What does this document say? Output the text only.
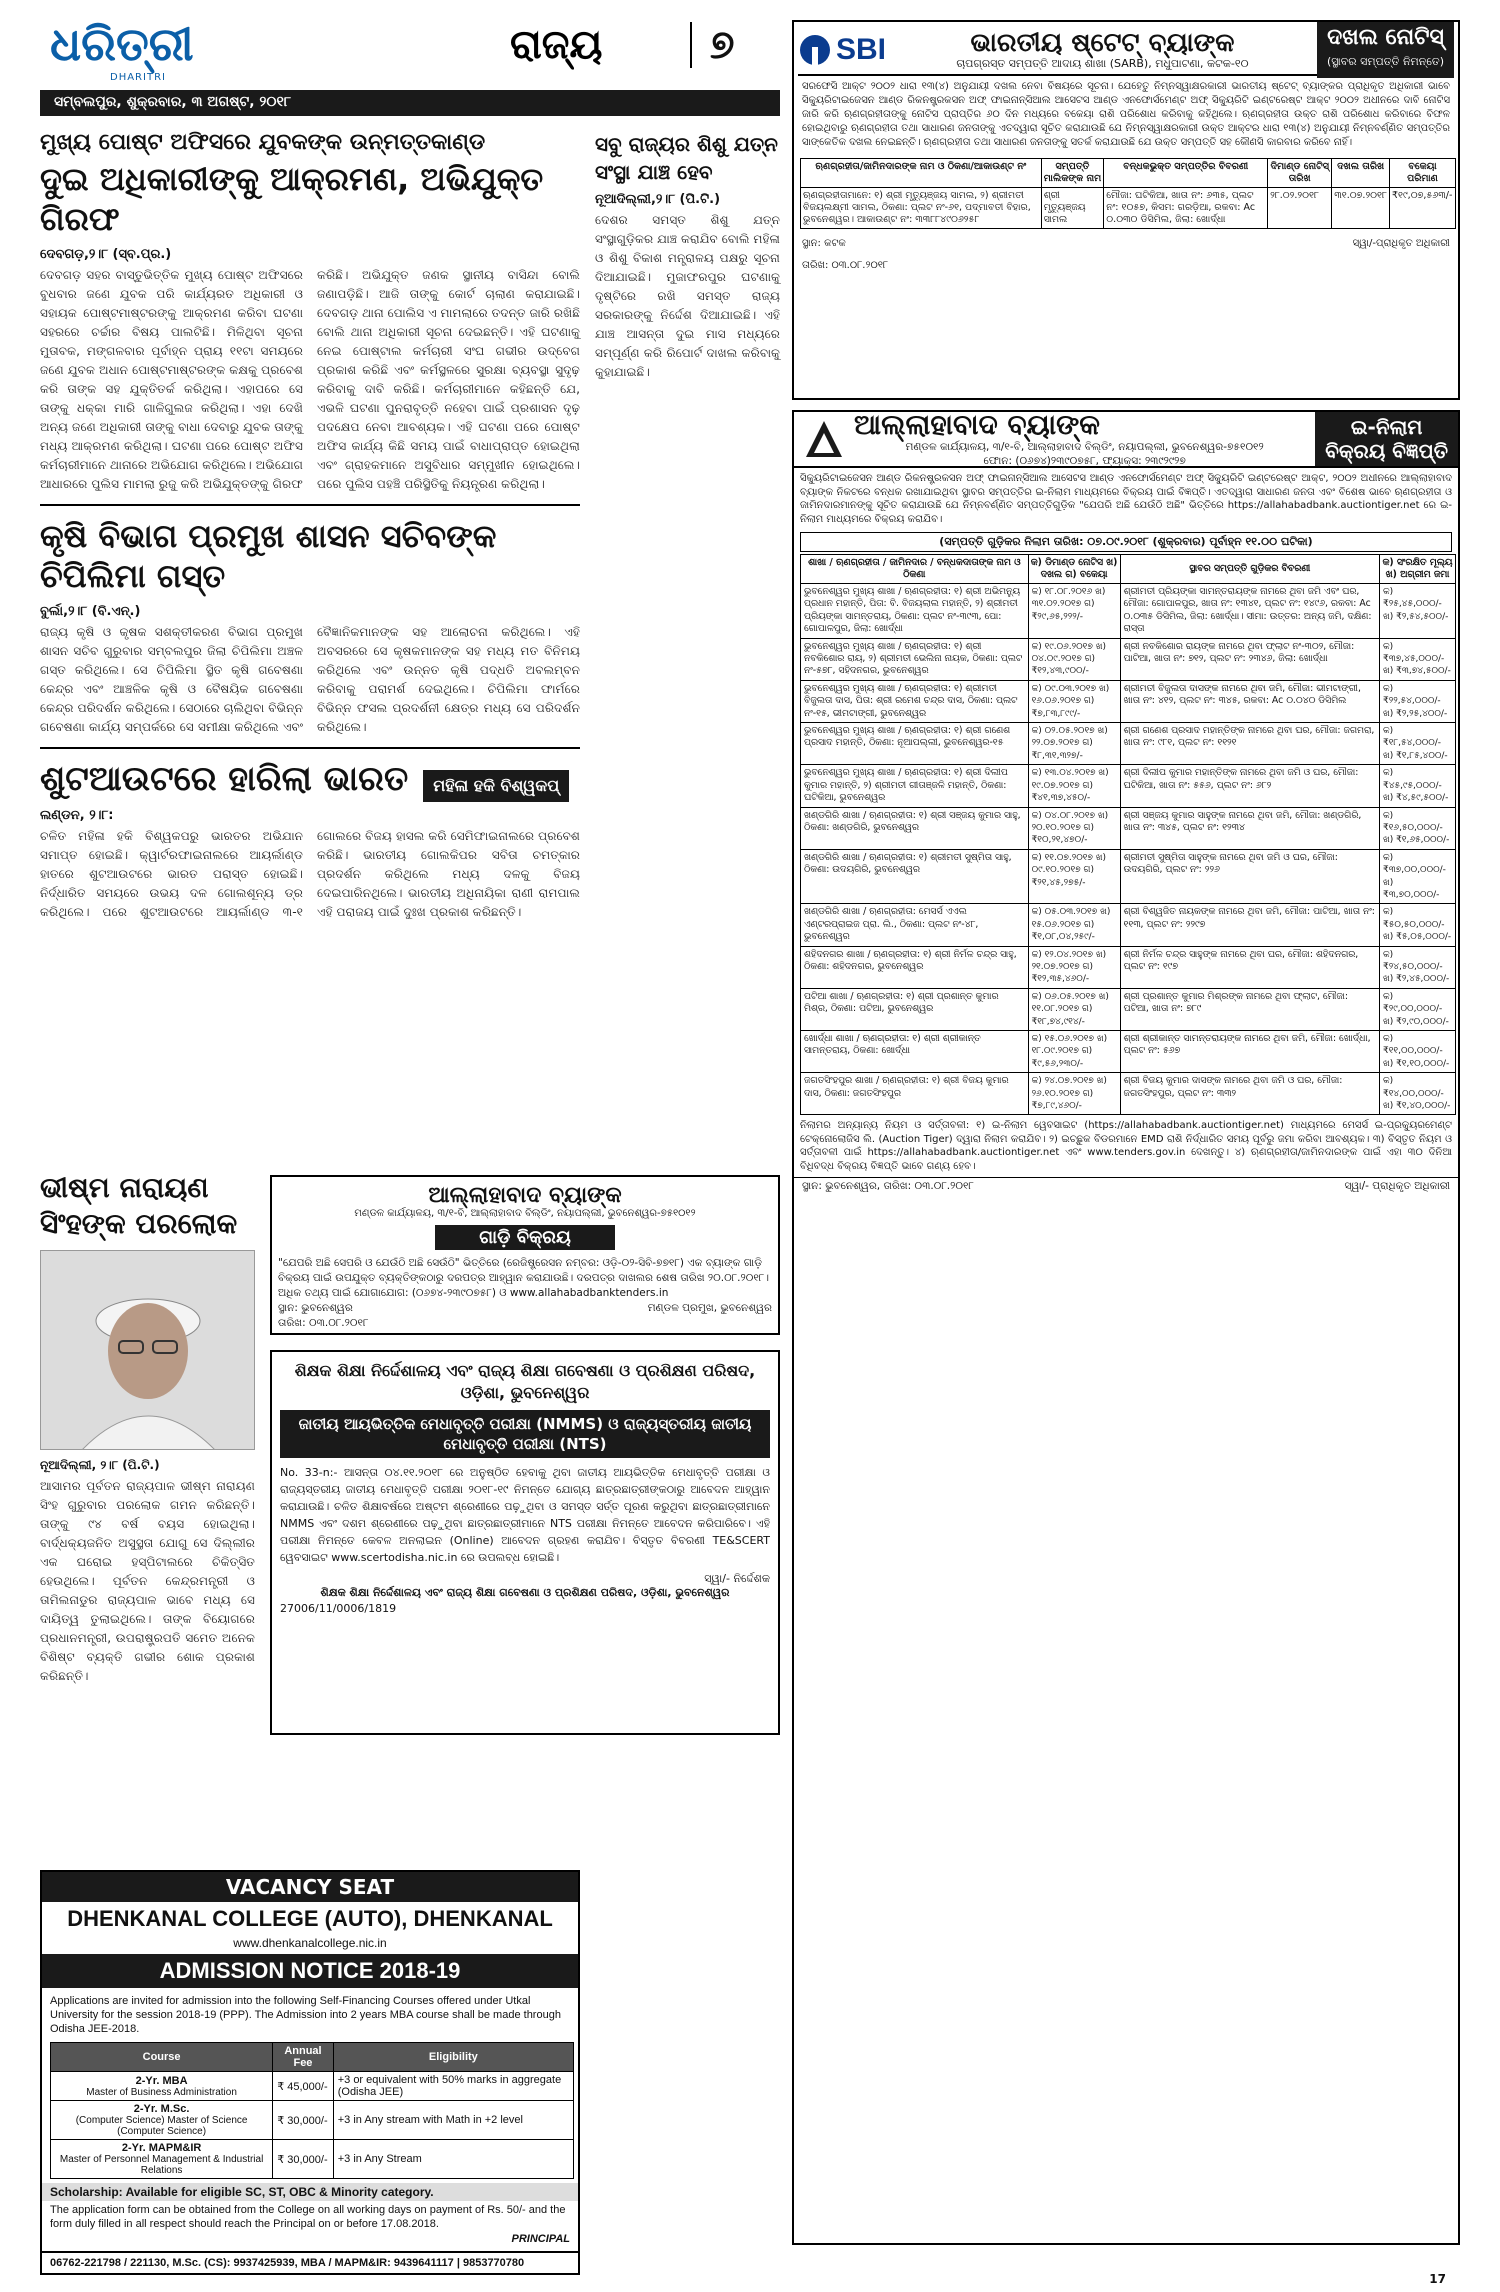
ଧରିତ୍ରୀ
DHARITRI
ରାଜ୍ୟ	୭
ସମ୍ବଲପୁର, ଶୁକ୍ରବାର, ୩ ଅଗଷ୍ଟ, ୨୦୧୮
ମୁଖ୍ୟ ପୋଷ୍ଟ ଅଫିସରେ ଯୁବକଙ୍କ ଉନ୍ମତ୍ତକାଣ୍ଡ
ଦୁଇ ଅଧିକାରୀଙ୍କୁ ଆକ୍ରମଣ, ଅଭିଯୁକ୍ତ ଗିରଫ
ଦେବଗଡ଼,୨।୮ (ସ୍ବ.ପ୍ର.)
ଦେବଗଡ଼ ସହର ବାସ୍ତୁଭିତ୍ତିକ ମୁଖ୍ୟ ପୋଷ୍ଟ ଅଫିସରେ ବୁଧବାର ଜଣେ ଯୁବକ ପରି କାର୍ଯ୍ୟରତ ଅଧିକାରୀ ଓ ସହାୟକ ପୋଷ୍ଟମାଷ୍ଟରଙ୍କୁ ଆକ୍ରମଣ କରିବା ଘଟଣା ସହରରେ ଚର୍ଚ୍ଚାର ବିଷୟ ପାଲଟିଛି। ମିଳିଥିବା ସୂଚନା ମୁତାବକ, ମଙ୍ଗଳବାର ପୂର୍ବାହ୍ନ ପ୍ରାୟ ୧୧ଟା ସମୟରେ ଜଣେ ଯୁବକ ଅଧାନ ପୋଷ୍ଟମାଷ୍ଟରଙ୍କ କକ୍ଷକୁ ପ୍ରବେଶ କରି ତାଙ୍କ ସହ ଯୁକ୍ତିତର୍କ କରିଥିଲା। ଏହାପରେ ସେ ତାଙ୍କୁ ଧକ୍କା ମାରି ଗାଳିଗୁଲଜ କରିଥିଲା। ଏହା ଦେଖି ଅନ୍ୟ ଜଣେ ଅଧିକାରୀ ତାଙ୍କୁ ବାଧା ଦେବାରୁ ଯୁବକ ତାଙ୍କୁ ମଧ୍ୟ ଆକ୍ରମଣ କରିଥିଲା। ଘଟଣା ପରେ ପୋଷ୍ଟ ଅଫିସ କର୍ମଚାରୀମାନେ ଥାନାରେ ଅଭିଯୋଗ କରିଥିଲେ। ଅଭିଯୋଗ ଆଧାରରେ ପୁଲିସ ମାମଲା ରୁଜୁ କରି ଅଭିଯୁକ୍ତଙ୍କୁ ଗିରଫ କରିଛି। ଅଭିଯୁକ୍ତ ଜଣକ ସ୍ଥାନୀୟ ବାସିନ୍ଦା ବୋଲି ଜଣାପଡ଼ିଛି। ଆଜି ତାଙ୍କୁ କୋର୍ଟ ଚାଲାଣ କରାଯାଇଛି। ଦେବଗଡ଼ ଥାନା ପୋଲିସ ଏ ମାମଲାରେ ତଦନ୍ତ ଜାରି ରଖିଛି ବୋଲି ଥାନା ଅଧିକାରୀ ସୂଚନା ଦେଇଛନ୍ତି। ଏହି ଘଟଣାକୁ ନେଇ ପୋଷ୍ଟାଲ କର୍ମଚାରୀ ସଂଘ ଗଭୀର ଉଦ୍‌ବେଗ ପ୍ରକାଶ କରିଛି ଏବଂ କର୍ମସ୍ଥଳରେ ସୁରକ୍ଷା ବ୍ୟବସ୍ଥା ସୁଦୃଢ଼ କରିବାକୁ ଦାବି କରିଛି। କର୍ମଚାରୀମାନେ କହିଛନ୍ତି ଯେ, ଏଭଳି ଘଟଣା ପୁନରାବୃତ୍ତି ନହେବା ପାଇଁ ପ୍ରଶାସନ ଦୃଢ଼ ପଦକ୍ଷେପ ନେବା ଆବଶ୍ୟକ। ଏହି ଘଟଣା ପରେ ପୋଷ୍ଟ ଅଫିସ କାର୍ଯ୍ୟ କିଛି ସମୟ ପାଇଁ ବାଧାପ୍ରାପ୍ତ ହୋଇଥିଲା ଏବଂ ଗ୍ରାହକମାନେ ଅସୁବିଧାର ସମ୍ମୁଖୀନ ହୋଇଥିଲେ। ପରେ ପୁଲିସ ପହଞ୍ଚି ପରିସ୍ଥିତିକୁ ନିୟନ୍ତ୍ରଣ କରିଥିଲା।
କୃଷି ବିଭାଗ ପ୍ରମୁଖ ଶାସନ ସଚିବଙ୍କ ଚିପିଲିମା ଗସ୍ତ
ବୁର୍ଲା,୨।୮ (ବି.ଏନ୍.)
ରାଜ୍ୟ କୃଷି ଓ କୃଷକ ସଶକ୍ତୀକରଣ ବିଭାଗ ପ୍ରମୁଖ ଶାସନ ସଚିବ ଗୁରୁବାର ସମ୍ବଲପୁର ଜିଲା ଚିପିଲିମା ଅଞ୍ଚଳ ଗସ୍ତ କରିଥିଲେ। ସେ ଚିପିଲିମା ସ୍ଥିତ କୃଷି ଗବେଷଣା କେନ୍ଦ୍ର ଏବଂ ଆଞ୍ଚଳିକ କୃଷି ଓ ବୈଷୟିକ ଗବେଷଣା କେନ୍ଦ୍ର ପରିଦର୍ଶନ କରିଥିଲେ। ସେଠାରେ ଚାଲିଥିବା ବିଭିନ୍ନ ଗବେଷଣା କାର୍ଯ୍ୟ ସମ୍ପର୍କରେ ସେ ସମୀକ୍ଷା କରିଥିଲେ ଏବଂ ବୈଜ୍ଞାନିକମାନଙ୍କ ସହ ଆଲୋଚନା କରିଥିଲେ। ଏହି ଅବସରରେ ସେ କୃଷକମାନଙ୍କ ସହ ମଧ୍ୟ ମତ ବିନିମୟ କରିଥିଲେ ଏବଂ ଉନ୍ନତ କୃଷି ପଦ୍ଧତି ଅବଲମ୍ବନ କରିବାକୁ ପରାମର୍ଶ ଦେଇଥିଲେ। ଚିପିଲିମା ଫାର୍ମରେ ବିଭିନ୍ନ ଫସଲ ପ୍ରଦର୍ଶନୀ କ୍ଷେତ୍ର ମଧ୍ୟ ସେ ପରିଦର୍ଶନ କରିଥିଲେ।
ଶୁଟଆଉଟରେ ହାରିଲା ଭାରତ ମହିଳା ହକି ବିଶ୍ୱକପ୍
ଲଣ୍ଡନ, ୨।୮:
ଚଳିତ ମହିଳା ହକି ବିଶ୍ୱକପରୁ ଭାରତର ଅଭିଯାନ ସମାପ୍ତ ହୋଇଛି। କ୍ୱାର୍ଟରଫାଇନାଲରେ ଆୟର୍ଲାଣ୍ଡ ହାତରେ ଶୁଟଆଉଟରେ ଭାରତ ପରାସ୍ତ ହୋଇଛି। ନିର୍ଦ୍ଧାରିତ ସମୟରେ ଉଭୟ ଦଳ ଗୋଲଶୂନ୍ୟ ଡ୍ର କରିଥିଲେ। ପରେ ଶୁଟଆଉଟରେ ଆୟର୍ଲାଣ୍ଡ ୩-୧ ଗୋଲରେ ବିଜୟ ହାସଲ କରି ସେମିଫାଇନାଲରେ ପ୍ରବେଶ କରିଛି। ଭାରତୀୟ ଗୋଲକିପର ସବିତା ଚମତ୍କାର ପ୍ରଦର୍ଶନ କରିଥିଲେ ମଧ୍ୟ ଦଳକୁ ବିଜୟ ଦେଇପାରିନଥିଲେ। ଭାରତୀୟ ଅଧିନାୟିକା ରାଣୀ ରାମପାଲ ଏହି ପରାଜୟ ପାଇଁ ଦୁଃଖ ପ୍ରକାଶ କରିଛନ୍ତି।
ସବୁ ରାଜ୍ୟର ଶିଶୁ ଯତ୍ନ ସଂସ୍ଥା ଯାଞ୍ଚ ହେବ
ନୂଆଦିଲ୍ଲୀ,୨।୮ (ପି.ଟି.)
ଦେଶର ସମସ୍ତ ଶିଶୁ ଯତ୍ନ ସଂସ୍ଥାଗୁଡ଼ିକର ଯାଞ୍ଚ କରାଯିବ ବୋଲି ମହିଳା ଓ ଶିଶୁ ବିକାଶ ମନ୍ତ୍ରାଳୟ ପକ୍ଷରୁ ସୂଚନା ଦିଆଯାଇଛି। ମୁଜାଫରପୁର ଘଟଣାକୁ ଦୃଷ୍ଟିରେ ରଖି ସମସ୍ତ ରାଜ୍ୟ ସରକାରଙ୍କୁ ନିର୍ଦ୍ଦେଶ ଦିଆଯାଇଛି। ଏହି ଯାଞ୍ଚ ଆସନ୍ତା ଦୁଇ ମାସ ମଧ୍ୟରେ ସମ୍ପୂର୍ଣ୍ଣ କରି ରିପୋର୍ଟ ଦାଖଲ କରିବାକୁ କୁହାଯାଇଛି।
ଭୀଷ୍ମ ନାରାୟଣ ସିଂହଙ୍କ ପରଲୋକ
ନୂଆଦିଲ୍ଲୀ, ୨।୮ (ପି.ଟି.)
ଆସାମର ପୂର୍ବତନ ରାଜ୍ୟପାଳ ଭୀଷ୍ମ ନାରାୟଣ ସିଂହ ଗୁରୁବାର ପରଲୋକ ଗମନ କରିଛନ୍ତି। ତାଙ୍କୁ ୯୪ ବର୍ଷ ବୟସ ହୋଇଥିଲା। ବାର୍ଦ୍ଧକ୍ୟଜନିତ ଅସୁସ୍ଥତା ଯୋଗୁ ସେ ଦିଲ୍ଲୀର ଏକ ଘରୋଇ ହସ୍ପିଟାଲରେ ଚିକିତ୍ସିତ ହେଉଥିଲେ। ପୂର୍ବତନ କେନ୍ଦ୍ରମନ୍ତ୍ରୀ ଓ ତାମିଲନାଡୁର ରାଜ୍ୟପାଳ ଭାବେ ମଧ୍ୟ ସେ ଦାୟିତ୍ୱ ତୁଲାଇଥିଲେ। ତାଙ୍କ ବିୟୋଗରେ ପ୍ରଧାନମନ୍ତ୍ରୀ, ଉପରାଷ୍ଟ୍ରପତି ସମେତ ଅନେକ ବିଶିଷ୍ଟ ବ୍ୟକ୍ତି ଗଭୀର ଶୋକ ପ୍ରକାଶ କରିଛନ୍ତି।
ଆଲ୍ଲାହାବାଦ ବ୍ୟାଙ୍କ
ମଣ୍ଡଳ କାର୍ଯ୍ୟାଳୟ, ୩/୧-ବି, ଆଲ୍ଲାହାବାଦ ବିଲ୍ଡିଂ, ନୟାପଲ୍ଲୀ, ଭୁବନେଶ୍ୱର-୭୫୧୦୧୨
ଗାଡ଼ି ବିକ୍ରୟ
"ଯେପରି ଅଛି ସେପରି ଓ ଯେଉଁଠି ଅଛି ସେଉଁଠି" ଭିତ୍ତିରେ (ରେଜିଷ୍ଟ୍ରେସନ ନମ୍ବର: ଓଡ଼ି-୦୨-ସିବି-୭୭୧୮) ଏକ ବ୍ୟାଙ୍କ ଗାଡ଼ି ବିକ୍ରୟ ପାଇଁ ଉପଯୁକ୍ତ ବ୍ୟକ୍ତିଙ୍କଠାରୁ ଦରପତ୍ର ଆହ୍ୱାନ କରାଯାଉଛି। ଦରପତ୍ର ଦାଖଲର ଶେଷ ତାରିଖ ୨୦.୦୮.୨୦୧୮। ଅଧିକ ତଥ୍ୟ ପାଇଁ ଯୋଗାଯୋଗ: (୦୬୭୪-୨୩୯୦୭୫୮) ଓ www.allahabadbanktenders.in
ସ୍ଥାନ: ଭୁବନେଶ୍ୱର	ମଣ୍ଡଳ ପ୍ରମୁଖ, ଭୁବନେଶ୍ୱର
ତାରିଖ: ୦୩.୦୮.୨୦୧୮
ଶିକ୍ଷକ ଶିକ୍ଷା ନିର୍ଦ୍ଦେଶାଳୟ ଏବଂ ରାଜ୍ୟ ଶିକ୍ଷା ଗବେଷଣା ଓ ପ୍ରଶିକ୍ଷଣ ପରିଷଦ, ଓଡ଼ିଶା, ଭୁବନେଶ୍ୱର
ଜାତୀୟ ଆୟଭିତ୍ତିକ ମେଧାବୃତ୍ତି ପରୀକ୍ଷା (NMMS) ଓ ରାଜ୍ୟସ୍ତରୀୟ ଜାତୀୟ ମେଧାବୃତ୍ତି ପରୀକ୍ଷା (NTS)
No. 33-n:- ଆସନ୍ତା ୦୪.୧୧.୨୦୧୮ ରେ ଅନୁଷ୍ଠିତ ହେବାକୁ ଥିବା ଜାତୀୟ ଆୟଭିତ୍ତିକ ମେଧାବୃତ୍ତି ପରୀକ୍ଷା ଓ ରାଜ୍ୟସ୍ତରୀୟ ଜାତୀୟ ମେଧାବୃତ୍ତି ପରୀକ୍ଷା ୨୦୧୮-୧୯ ନିମନ୍ତେ ଯୋଗ୍ୟ ଛାତ୍ରଛାତ୍ରୀଙ୍କଠାରୁ ଆବେଦନ ଆହ୍ୱାନ କରାଯାଉଛି। ଚଳିତ ଶିକ୍ଷାବର୍ଷରେ ଅଷ୍ଟମ ଶ୍ରେଣୀରେ ପଢ଼ୁଥିବା ଓ ସମସ୍ତ ସର୍ତ୍ତ ପୂରଣ କରୁଥିବା ଛାତ୍ରଛାତ୍ରୀମାନେ NMMS ଏବଂ ଦଶମ ଶ୍ରେଣୀରେ ପଢ଼ୁଥିବା ଛାତ୍ରଛାତ୍ରୀମାନେ NTS ପରୀକ୍ଷା ନିମନ୍ତେ ଆବେଦନ କରିପାରିବେ। ଏହି ପରୀକ୍ଷା ନିମନ୍ତେ କେବଳ ଅନଲାଇନ (Online) ଆବେଦନ ଗ୍ରହଣ କରାଯିବ। ବିସ୍ତୃତ ବିବରଣୀ TE&SCERT ୱେବସାଇଟ www.scertodisha.nic.in ରେ ଉପଲବ୍ଧ ହୋଇଛି।
ସ୍ୱା/- ନିର୍ଦ୍ଦେଶକ
ଶିକ୍ଷକ ଶିକ୍ଷା ନିର୍ଦ୍ଦେଶାଳୟ ଏବଂ ରାଜ୍ୟ ଶିକ୍ଷା ଗବେଷଣା ଓ ପ୍ରଶିକ୍ଷଣ ପରିଷଦ, ଓଡ଼ିଶା, ଭୁବନେଶ୍ୱର
27006/11/0006/1819
VACANCY SEAT
DHENKANAL COLLEGE (AUTO), DHENKANAL
www.dhenkanalcollege.nic.in
ADMISSION NOTICE 2018-19
Applications are invited for admission into the following Self-Financing Courses offered under Utkal University for the session 2018-19 (PPP). The Admission into 2 years MBA course shall be made through Odisha JEE-2018.
Course	Annual Fee	Eligibility

2-Yr. MBA
Master of Business Administration	₹ 45,000/-	+3 or equivalent with 50% marks in aggregate (Odisha JEE)

2-Yr. M.Sc.
(Computer Science) Master of Science (Computer Science)	₹ 30,000/-	+3 in Any stream with Math in +2 level

2-Yr. MAPM&IR
Master of Personnel Management & Industrial Relations	₹ 30,000/-	+3 in Any Stream
Scholarship: Available for eligible SC, ST, OBC & Minority category.
The application form can be obtained from the College on all working days on payment of Rs. 50/- and the form duly filled in all respect should reach the Principal on or before 17.08.2018.
PRINCIPAL
06762-221798 / 221130, M.Sc. (CS): 9937425939, MBA / MAPM&IR: 9439641117 | 9853770780
SBI	ଭାରତୀୟ ଷ୍ଟେଟ୍ ବ୍ୟାଙ୍କ
ଚାପଗ୍ରସ୍ତ ସମ୍ପତ୍ତି ଆଦାୟ ଶାଖା (SARB), ମଧୁପାଟଣା, କଟକ-୧୦
ଦଖଲ ନୋଟିସ୍
(ସ୍ଥାବର ସମ୍ପତ୍ତି ନିମନ୍ତେ)
ସରଫେସି ଆକ୍ଟ ୨୦୦୨ ଧାରା ୧୩(୪) ଅନୁଯାୟୀ ଦଖଲ ନେବା ବିଷୟରେ ସୂଚନା। ଯେହେତୁ ନିମ୍ନସ୍ୱାକ୍ଷରକାରୀ ଭାରତୀୟ ଷ୍ଟେଟ୍ ବ୍ୟାଙ୍କର ପ୍ରାଧିକୃତ ଅଧିକାରୀ ଭାବେ ସିକ୍ୟୁରିଟାଇଜେସନ ଆଣ୍ଡ ରିକନଷ୍ଟ୍ରକସନ ଅଫ୍ ଫାଇନାନ୍ସିଆଲ ଆସେଟସ ଆଣ୍ଡ ଏନଫୋର୍ସମେଣ୍ଟ ଅଫ୍ ସିକ୍ୟୁରିଟି ଇଣ୍ଟରେଷ୍ଟ ଆକ୍ଟ ୨୦୦୨ ଅଧୀନରେ ଦାବି ନୋଟିସ ଜାରି କରି ଋଣଗ୍ରହୀତାଙ୍କୁ ନୋଟିସ ପ୍ରାପ୍ତିର ୬୦ ଦିନ ମଧ୍ୟରେ ବକେୟା ରାଶି ପରିଶୋଧ କରିବାକୁ କହିଥିଲେ। ଋଣଗ୍ରହୀତା ଉକ୍ତ ରାଶି ପରିଶୋଧ କରିବାରେ ବିଫଳ ହୋଇଥିବାରୁ ଋଣଗ୍ରହୀତା ତଥା ସାଧାରଣ ଜନତାଙ୍କୁ ଏତଦ୍ୱାରା ସୂଚିତ କରାଯାଉଛି ଯେ ନିମ୍ନସ୍ୱାକ୍ଷରକାରୀ ଉକ୍ତ ଆକ୍ଟର ଧାରା ୧୩(୪) ଅନୁଯାୟୀ ନିମ୍ନବର୍ଣ୍ଣିତ ସମ୍ପତ୍ତିର ସାଙ୍କେତିକ ଦଖଲ ନେଇଛନ୍ତି। ଋଣଗ୍ରହୀତା ତଥା ସାଧାରଣ ଜନତାଙ୍କୁ ସତର୍କ କରାଯାଉଛି ଯେ ଉକ୍ତ ସମ୍ପତ୍ତି ସହ କୌଣସି କାରବାର କରିବେ ନାହିଁ।
ଋଣଗ୍ରହୀତା/ଜାମିନଦାରଙ୍କ ନାମ ଓ ଠିକଣା/ଆକାଉଣ୍ଟ ନଂ	ସମ୍ପତ୍ତି ମାଲିକଙ୍କ ନାମ	ବନ୍ଧକଭୁକ୍ତ ସମ୍ପତ୍ତିର ବିବରଣୀ	ଦିମାଣ୍ଡ ନୋଟିସ୍ ତାରିଖ	ଦଖଲ ତାରିଖ	ବକେୟା ପରିମାଣ
ଋଣଗ୍ରହୀତାମାନେ: ୧) ଶ୍ରୀ ମୃତ୍ୟୁଞ୍ଜୟ ସାମଲ, ୨) ଶ୍ରୀମତୀ ବିଜୟଲକ୍ଷ୍ମୀ ସାମଲ, ଠିକଣା: ପ୍ଲଟ ନଂ-୬୧, ପଦ୍ମାବତୀ ବିହାର, ଭୁବନେଶ୍ୱର। ଆକାଉଣ୍ଟ ନଂ: ୩୩୮୮୪୯୦୬୨୫୮	ଶ୍ରୀ ମୃତ୍ୟୁଞ୍ଜୟ ସାମଲ	ମୌଜା: ଘଟିକିଆ, ଖାତା ନଂ: ୬୩୫, ପ୍ଲଟ ନଂ: ୧୦୫୭, କିସମ: ଗରଡ଼ିଆ, ରକବା: Ac ୦.୦୩୦ ଡିସିମିଲ, ଜିଲା: ଖୋର୍ଦ୍ଧା	୨୮.୦୨.୨୦୧୮	୩୧.୦୭.୨୦୧୮	₹୧୯,୦୭,୫୬୩/-
ସ୍ଥାନ: କଟକ	ସ୍ୱା/-ପ୍ରାଧିକୃତ ଅଧିକାରୀ
ତାରିଖ: ୦୩.୦୮.୨୦୧୮
ଆଲ୍ଲାହାବାଦ ବ୍ୟାଙ୍କ
ମଣ୍ଡଳ କାର୍ଯ୍ୟାଳୟ, ୩/୧-ବି, ଆଲ୍ଲାହାବାଦ ବିଲ୍ଡିଂ, ନୟାପଲ୍ଲୀ, ଭୁବନେଶ୍ୱର-୭୫୧୦୧୨
ଫୋନ: (୦୬୭୪)୨୩୯୦୭୫୮, ଫ୍ୟାକ୍ସ: ୨୩୯୨୯୨୭
ଇ-ନିଲାମ
ବିକ୍ରୟ ବିଜ୍ଞପ୍ତି
ସିକ୍ୟୁରିଟାଇଜେସନ ଆଣ୍ଡ ରିକନଷ୍ଟ୍ରକସନ ଅଫ୍ ଫାଇନାନ୍ସିଆଲ ଆସେଟସ ଆଣ୍ଡ ଏନଫୋର୍ସମେଣ୍ଟ ଅଫ୍ ସିକ୍ୟୁରିଟି ଇଣ୍ଟରେଷ୍ଟ ଆକ୍ଟ, ୨୦୦୨ ଅଧୀନରେ ଆଲ୍ଲାହାବାଦ ବ୍ୟାଙ୍କ ନିକଟରେ ବନ୍ଧକ ରଖାଯାଇଥିବା ସ୍ଥାବର ସମ୍ପତ୍ତିର ଇ-ନିଲାମ ମାଧ୍ୟମରେ ବିକ୍ରୟ ପାଇଁ ବିଜ୍ଞପ୍ତି। ଏତଦ୍ୱାରା ସାଧାରଣ ଜନତା ଏବଂ ବିଶେଷ ଭାବେ ଋଣଗ୍ରହୀତା ଓ ଜାମିନଦାରମାନଙ୍କୁ ସୂଚିତ କରାଯାଉଛି ଯେ ନିମ୍ନବର୍ଣ୍ଣିତ ସମ୍ପତ୍ତିଗୁଡ଼ିକ "ଯେପରି ଅଛି ଯେଉଁଠି ଅଛି" ଭିତ୍ତିରେ https://allahabadbank.auctiontiger.net ରେ ଇ-ନିଲାମ ମାଧ୍ୟମରେ ବିକ୍ରୟ କରାଯିବ।
(ସମ୍ପତ୍ତି ଗୁଡ଼ିକର ନିଲାମ ତାରିଖ: ୦୭.୦୯.୨୦୧୮ (ଶୁକ୍ରବାର) ପୂର୍ବାହ୍ନ ୧୧.୦୦ ଘଟିକା)
ଶାଖା / ଋଣଗ୍ରହୀତା / ଜାମିନଦାର / ବନ୍ଧକଦାତାଙ୍କ ନାମ ଓ ଠିକଣା	କ) ଡିମାଣ୍ଡ ନୋଟିସ ଖ) ଦଖଲ ଗ) ବକେୟା	ସ୍ଥାବର ସମ୍ପତ୍ତି ଗୁଡ଼ିକର ବିବରଣୀ	କ) ସଂରକ୍ଷିତ ମୂଲ୍ୟ ଖ) ଅଗ୍ରୀମ ଜମା
ଭୁବନେଶ୍ୱର ମୁଖ୍ୟ ଶାଖା / ଋଣଗ୍ରହୀତା: ୧) ଶ୍ରୀ ଅଭିମନ୍ୟୁ ପ୍ରଧାନ ମହାନ୍ତି, ପିତା: ବି. ବିଜୟଲାଲ ମହାନ୍ତି, ୨) ଶ୍ରୀମତୀ ପ୍ରିୟଙ୍କା ସାମନ୍ତରାୟ, ଠିକଣା: ପ୍ଲଟ ନଂ-୩୯୩, ପୋ: ଗୋପାଳପୁର, ଜିଲା: ଖୋର୍ଦ୍ଧା	କ) ୧୮.୦୮.୨୦୧୬ ଖ) ୩୧.୦୨.୨୦୧୭ ଗ) ₹୨୯,୬୫,୨୨୨/-	ଶ୍ରୀମତୀ ପ୍ରିୟଙ୍କା ସାମନ୍ତରାୟଙ୍କ ନାମରେ ଥିବା ଜମି ଏବଂ ଘର, ମୌଜା: ଗୋପାଳପୁର, ଖାତା ନଂ: ୧୩୪୧, ପ୍ଲଟ ନଂ: ୧୪୯୬, ରକବା: Ac ୦.୦୩୫ ଡିସିମିଲ, ଜିଲା: ଖୋର୍ଦ୍ଧା। ସୀମା: ଉତ୍ତର: ଅନ୍ୟ ଜମି, ଦକ୍ଷିଣ: ରାସ୍ତା	କ) ₹୨୫,୪୫,୦୦୦/- ଖ) ₹୨,୫୪,୫୦୦/-
ଭୁବନେଶ୍ୱର ମୁଖ୍ୟ ଶାଖା / ଋଣଗ୍ରହୀତା: ୧) ଶ୍ରୀ ନବକିଶୋର ରାୟ, ୨) ଶ୍ରୀମତୀ ଭେଲିନା ନାୟକ, ଠିକଣା: ପ୍ଲଟ ନଂ-୫୭୮, ସହିଦନଗର, ଭୁବନେଶ୍ୱର	କ) ୧୯.୦୬.୨୦୧୭ ଖ) ୦୪.୦୯.୨୦୧୭ ଗ) ₹୧୨,୪୩,୯୦୦/-	ଶ୍ରୀ ନବକିଶୋର ରାୟଙ୍କ ନାମରେ ଥିବା ଫ୍ଲାଟ ନଂ-୩୦୨, ମୌଜା: ପାଟିଆ, ଖାତା ନଂ: ୭୧୨, ପ୍ଲଟ ନଂ: ୨୩୪୬, ଜିଲା: ଖୋର୍ଦ୍ଧା	କ) ₹୩୭,୪୫,୦୦୦/- ଖ) ₹୩,୭୪,୫୦୦/-
ଭୁବନେଶ୍ୱର ମୁଖ୍ୟ ଶାଖା / ଋଣଗ୍ରହୀତା: ୧) ଶ୍ରୀମତୀ ବିଜୁଲତା ଦାସ, ପିତା: ଶ୍ରୀ ରମେଶ ଚନ୍ଦ୍ର ଦାସ, ଠିକଣା: ପ୍ଲଟ ନଂ-୧୫, ଭୀମଟାଙ୍ଗୀ, ଭୁବନେଶ୍ୱର	କ) ୦୯.୦୩.୨୦୧୭ ଖ) ୧୬.୦୬.୨୦୧୭ ଗ) ₹୭,୮୩,୮୯୯/-	ଶ୍ରୀମତୀ ବିଜୁଲତା ଦାସଙ୍କ ନାମରେ ଥିବା ଜମି, ମୌଜା: ଭୀମଟାଙ୍ଗୀ, ଖାତା ନଂ: ୪୧୨, ପ୍ଲଟ ନଂ: ୩୪୫, ରକବା: Ac ୦.୦୪୦ ଡିସିମିଲ	କ) ₹୨୨,୫୪,୦୦୦/- ଖ) ₹୨,୨୫,୪୦୦/-
ଭୁବନେଶ୍ୱର ମୁଖ୍ୟ ଶାଖା / ଋଣଗ୍ରହୀତା: ୧) ଶ୍ରୀ ଗଣେଶ ପ୍ରସାଦ ମହାନ୍ତି, ଠିକଣା: ନୂଆପଲ୍ଲୀ, ଭୁବନେଶ୍ୱର-୧୫	କ) ୦୨.୦୫.୨୦୧୭ ଖ) ୨୨.୦୭.୨୦୧୭ ଗ) ₹୮,୩୧,୩୨୭/-	ଶ୍ରୀ ଗଣେଶ ପ୍ରସାଦ ମହାନ୍ତିଙ୍କ ନାମରେ ଥିବା ଘର, ମୌଜା: ଜଗମରା, ଖାତା ନଂ: ୯୮୧, ପ୍ଲଟ ନଂ: ୧୧୨୧	କ) ₹୧୮,୫୪,୦୦୦/- ଖ) ₹୧,୮୫,୪୦୦/-
ଭୁବନେଶ୍ୱର ମୁଖ୍ୟ ଶାଖା / ଋଣଗ୍ରହୀତା: ୧) ଶ୍ରୀ ଦିଲୀପ କୁମାର ମହାନ୍ତି, ୨) ଶ୍ରୀମତୀ ଗୀତାଞ୍ଜଳି ମହାନ୍ତି, ଠିକଣା: ଘଟିକିଆ, ଭୁବନେଶ୍ୱର	କ) ୧୩.୦୪.୨୦୧୭ ଖ) ୧୯.୦୭.୨୦୧୭ ଗ) ₹୪୧,୩୭,୪୫୦/-	ଶ୍ରୀ ଦିଲୀପ କୁମାର ମହାନ୍ତିଙ୍କ ନାମରେ ଥିବା ଜମି ଓ ଘର, ମୌଜା: ଘଟିକିଆ, ଖାତା ନଂ: ୫୫୬, ପ୍ଲଟ ନଂ: ୬୮୨	କ) ₹୪୫,୯୫,୦୦୦/- ଖ) ₹୪,୫୯,୫୦୦/-
ଖଣ୍ଡଗିରି ଶାଖା / ଋଣଗ୍ରହୀତା: ୧) ଶ୍ରୀ ସଞ୍ଜୟ କୁମାର ସାହୁ, ଠିକଣା: ଖଣ୍ଡଗିରି, ଭୁବନେଶ୍ୱର	କ) ୦୪.୦୮.୨୦୧୭ ଖ) ୨୦.୧୦.୨୦୧୭ ଗ) ₹୧୦,୨୧,୪୭୦/-	ଶ୍ରୀ ସଞ୍ଜୟ କୁମାର ସାହୁଙ୍କ ନାମରେ ଥିବା ଜମି, ମୌଜା: ଖଣ୍ଡଗିରି, ଖାତା ନଂ: ୩୪୫, ପ୍ଲଟ ନଂ: ୧୨୩୪	କ) ₹୧୬,୫୦,୦୦୦/- ଖ) ₹୧,୬୫,୦୦୦/-
ଖଣ୍ଡଗିରି ଶାଖା / ଋଣଗ୍ରହୀତା: ୧) ଶ୍ରୀମତୀ ସୁଷ୍ମିତା ସାହୁ, ଠିକଣା: ଉଦୟଗିରି, ଭୁବନେଶ୍ୱର	କ) ୧୧.୦୭.୨୦୧୭ ଖ) ୦୯.୧୦.୨୦୧୭ ଗ) ₹୨୧,୪୫,୨୭୫/-	ଶ୍ରୀମତୀ ସୁଷ୍ମିତା ସାହୁଙ୍କ ନାମରେ ଥିବା ଜମି ଓ ଘର, ମୌଜା: ଉଦୟଗିରି, ପ୍ଲଟ ନଂ: ୨୨୬	କ) ₹୩୭,୦୦,୦୦୦/- ଖ) ₹୩,୭୦,୦୦୦/-
ଖଣ୍ଡଗିରି ଶାଖା / ଋଣଗ୍ରହୀତା: ମେସର୍ସ ଏଏଲ ଏଣ୍ଟରପ୍ରାଇଜ ପ୍ରା. ଲି., ଠିକଣା: ପ୍ଲଟ ନଂ-୪୮, ଭୁବନେଶ୍ୱର	କ) ୦୫.୦୩.୨୦୧୭ ଖ) ୧୫.୦୬.୨୦୧୭ ଗ) ₹୧,୦୮,୦୪,୨୫୯/-	ଶ୍ରୀ ବିଶ୍ୱଜିତ ନାୟକଙ୍କ ନାମରେ ଥିବା ଜମି, ମୌଜା: ପାଟିଆ, ଖାତା ନଂ: ୧୧୩, ପ୍ଲଟ ନଂ: ୨୨୯୭	କ) ₹୫୦,୫୦,୦୦୦/- ଖ) ₹୫,୦୫,୦୦୦/-
ଶହିଦନଗର ଶାଖା / ଋଣଗ୍ରହୀତା: ୧) ଶ୍ରୀ ନିର୍ମଳ ଚନ୍ଦ୍ର ସାହୁ, ଠିକଣା: ଶହିଦନଗର, ଭୁବନେଶ୍ୱର	କ) ୧୨.୦୪.୨୦୧୭ ଖ) ୨୧.୦୭.୨୦୧୭ ଗ) ₹୧୨,୩୫,୪୬୦/-	ଶ୍ରୀ ନିର୍ମଳ ଚନ୍ଦ୍ର ସାହୁଙ୍କ ନାମରେ ଥିବା ଘର, ମୌଜା: ଶହିଦନଗର, ପ୍ଲଟ ନଂ: ୧୯୭	କ) ₹୨୪,୫୦,୦୦୦/- ଖ) ₹୨,୪୫,୦୦୦/-
ପଟିଆ ଶାଖା / ଋଣଗ୍ରହୀତା: ୧) ଶ୍ରୀ ପ୍ରଶାନ୍ତ କୁମାର ମିଶ୍ର, ଠିକଣା: ପଟିଆ, ଭୁବନେଶ୍ୱର	କ) ୦୬.୦୫.୨୦୧୭ ଖ) ୧୧.୦୮.୨୦୧୭ ଗ) ₹୧୮,୭୪,୯୧୪/-	ଶ୍ରୀ ପ୍ରଶାନ୍ତ କୁମାର ମିଶ୍ରଙ୍କ ନାମରେ ଥିବା ଫ୍ଲାଟ, ମୌଜା: ପଟିଆ, ଖାତା ନଂ: ୭୮୯	କ) ₹୨୯,୦୦,୦୦୦/- ଖ) ₹୨,୯୦,୦୦୦/-
ଖୋର୍ଦ୍ଧା ଶାଖା / ଋଣଗ୍ରହୀତା: ୧) ଶ୍ରୀ ଶ୍ରୀକାନ୍ତ ସାମନ୍ତରାୟ, ଠିକଣା: ଖୋର୍ଦ୍ଧା	କ) ୧୫.୦୬.୨୦୧୭ ଖ) ୧୮.୦୯.୨୦୧୭ ଗ) ₹୯,୫୬,୨୩୦/-	ଶ୍ରୀ ଶ୍ରୀକାନ୍ତ ସାମନ୍ତରାୟଙ୍କ ନାମରେ ଥିବା ଜମି, ମୌଜା: ଖୋର୍ଦ୍ଧା, ପ୍ଲଟ ନଂ: ୫୬୭	କ) ₹୧୧,୦୦,୦୦୦/- ଖ) ₹୧,୧୦,୦୦୦/-
ଜଗତସିଂହପୁର ଶାଖା / ଋଣଗ୍ରହୀତା: ୧) ଶ୍ରୀ ବିଜୟ କୁମାର ଦାସ, ଠିକଣା: ଜଗତସିଂହପୁର	କ) ୨୪.୦୭.୨୦୧୭ ଖ) ୨୬.୧୦.୨୦୧୭ ଗ) ₹୭,୮୯,୪୬୦/-	ଶ୍ରୀ ବିଜୟ କୁମାର ଦାସଙ୍କ ନାମରେ ଥିବା ଜମି ଓ ଘର, ମୌଜା: ଜଗତସିଂହପୁର, ପ୍ଲଟ ନଂ: ୩୩୨	କ) ₹୧୪,୦୦,୦୦୦/- ଖ) ₹୧,୪୦,୦୦୦/-
ନିଲାମର ଅନ୍ୟାନ୍ୟ ନିୟମ ଓ ସର୍ତ୍ତାବଳୀ: ୧) ଇ-ନିଲାମ ୱେବସାଇଟ (https://allahabadbank.auctiontiger.net) ମାଧ୍ୟମରେ ମେସର୍ସ ଇ-ପ୍ରକ୍ୟୁରମେଣ୍ଟ ଟେକ୍ନୋଲୋଜିସ ଲି. (Auction Tiger) ଦ୍ୱାରା ନିଲାମ କରାଯିବ। ୨) ଇଚ୍ଛୁକ ବିଡରମାନେ EMD ରାଶି ନିର୍ଦ୍ଧାରିତ ସମୟ ପୂର୍ବରୁ ଜମା କରିବା ଆବଶ୍ୟକ। ୩) ବିସ୍ତୃତ ନିୟମ ଓ ସର୍ତ୍ତାବଳୀ ପାଇଁ https://allahabadbank.auctiontiger.net ଏବଂ www.tenders.gov.in ଦେଖନ୍ତୁ। ୪) ଋଣଗ୍ରହୀତା/ଜାମିନଦାରଙ୍କ ପାଇଁ ଏହା ୩୦ ଦିନିଆ ବିଧିବଦ୍ଧ ବିକ୍ରୟ ବିଜ୍ଞପ୍ତି ଭାବେ ଗଣ୍ୟ ହେବ।
ସ୍ଥାନ: ଭୁବନେଶ୍ୱର, ତାରିଖ: ୦୩.୦୮.୨୦୧୮	ସ୍ୱା/- ପ୍ରାଧିକୃତ ଅଧିକାରୀ
17
